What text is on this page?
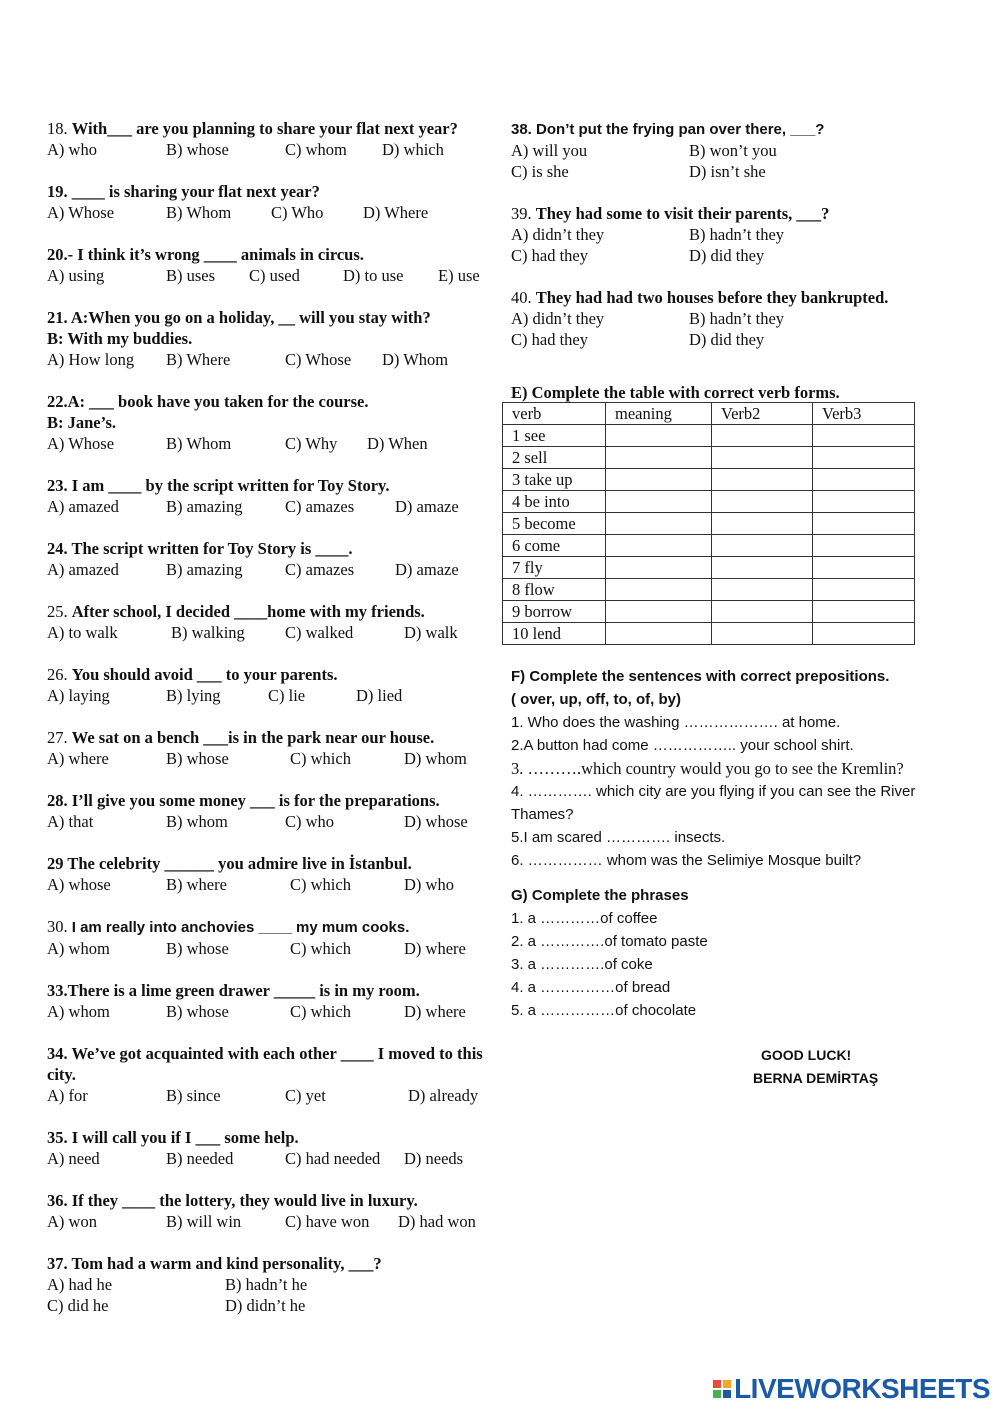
18. With___ are you planning to share your flat next year?
A) who	B) whose	C) whom D) which
19. ____ is sharing your flat next year?
A) Whose	B) Whom C) Who D) Where
20.- I think it’s wrong ____ animals in circus.
A) using	B) uses C) used	D) to use E) use
21. A:When you go on a holiday, __ will you stay with?
B: With my buddies.
A) How long B) Where	C) Whose D) Whom
22.A: ___ book have you taken for the course.
B: Jane’s.
A) Whose	B) Whom	C) Why D) When
23. I am ____ by the script written for Toy Story.
A) amazed	B) amazing	C) amazes D) amaze
24. The script written for Toy Story is ____.
A) amazed	B) amazing	C) amazes D) amaze
25. After school, I decided ____home with my friends.
A) to walk	B) walking C) walked	D) walk
26. You should avoid ___ to your parents.
A) laying	B) lying	C) lie	D) lied
27. We sat on a bench ___is in the park near our house.
A) where	B) whose	C) which	D) whom
28. I’ll give you some money ___ is for the preparations.
A) that	B) whom	C) who	D) whose
29 The celebrity ______ you admire live in İstanbul.
A) whose	B) where	C) which	D) who
30. I am really into anchovies ____ my mum cooks.
A) whom	B) whose	C) which	D) where
33.There is a lime green drawer _____ is in my room.
A) whom	B) whose	C) which	D) where
34. We’ve got acquainted with each other ____ I moved to this city.
A) for	B) since	C) yet	D) already
35. I will call you if I ___ some help.
A) need	B) needed	C) had needed D) needs
36. If they ____ the lottery, they would live in luxury.
A) won	B) will win	C) have won D) had won
37. Tom had a warm and kind personality, ___?
A) had he	B) hadn’t he
C) did he	D) didn’t he
38. Don’t put the frying pan over there, ___?
A) will you	B) won’t you
C) is she	D) isn’t she
39. They had some to visit their parents, ___?
A) didn’t they	B) hadn’t they
C) had they	D) did they
40. They had had two houses before they bankrupted.
A) didn’t they	B) hadn’t they
C) had they	D) did they
E) Complete the table with correct verb forms.
verb	meaning	Verb2	Verb3
1 see			
2 sell			
3 take up			
4 be into			
5 become			
6 come			
7 fly			
8 flow			
9 borrow			
10 lend			
F) Complete the sentences with correct prepositions.
( over, up, off, to, of, by)
1. Who does the washing ………………. at home.
2.A button had come …………….. your school shirt.
3. ……….which country would you go to see the Kremlin?
4. …………. which city are you flying if you can see the River Thames?
5.I am scared …………. insects.
6. …………… whom was the Selimiye Mosque built?
G) Complete the phrases
1. a …………of coffee
2. a ………….of tomato paste
3. a ………….of coke
4. a ……………of bread
5. a ……………of chocolate
GOOD LUCK!
BERNA DEMİRTAŞ
LIVEWORKSHEETS
